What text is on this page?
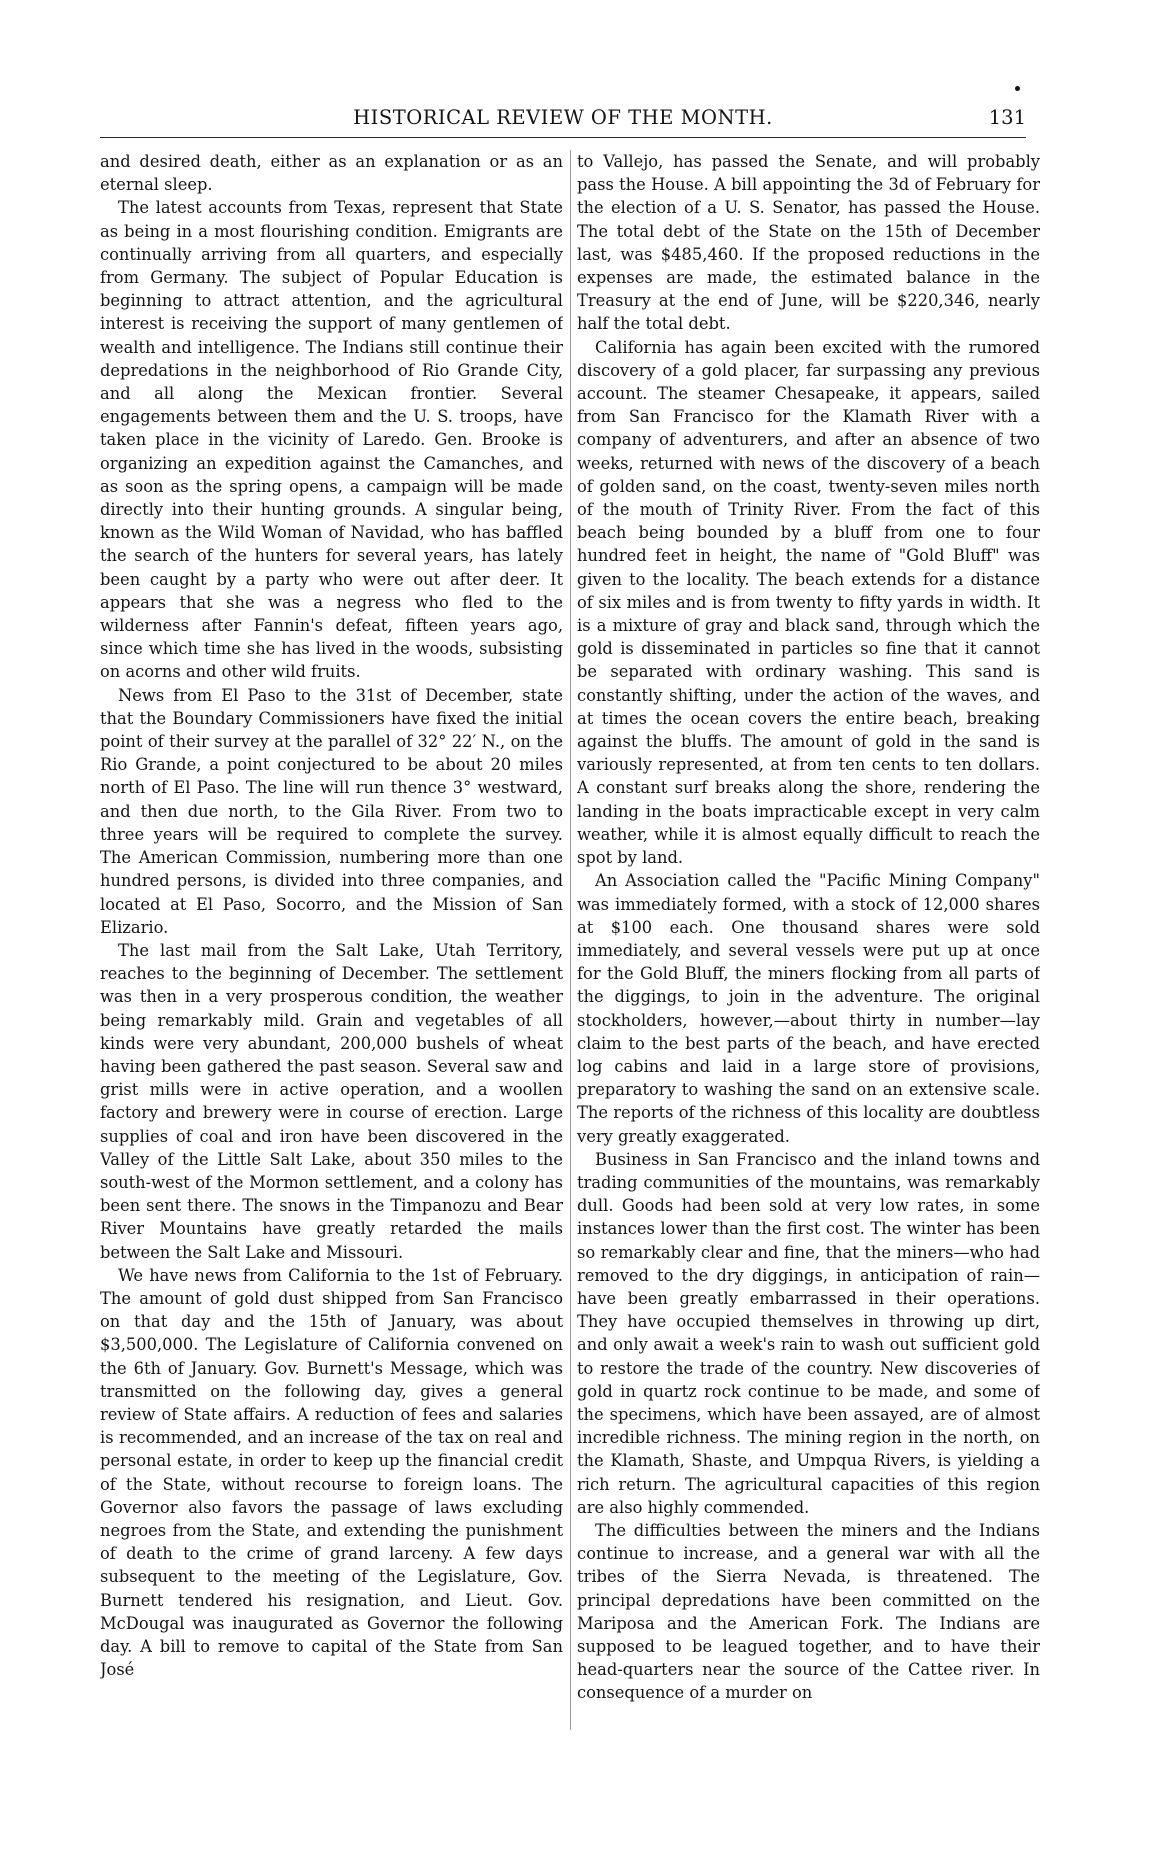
HISTORICAL REVIEW OF THE MONTH.	131

and desired death, either as an explanation or as an eternal sleep.

The latest accounts from Texas, represent that State as being in a most flourishing condition. Emigrants are continually arriving from all quarters, and especially from Germany. The subject of Popular Education is beginning to attract attention, and the agricultural interest is receiving the support of many gentlemen of wealth and intelligence. The Indians still continue their depredations in the neighborhood of Rio Grande City, and all along the Mexican frontier. Several engagements between them and the U. S. troops, have taken place in the vicinity of Laredo. Gen. Brooke is organizing an expedition against the Camanches, and as soon as the spring opens, a campaign will be made directly into their hunting grounds. A singular being, known as the Wild Woman of Navidad, who has baffled the search of the hunters for several years, has lately been caught by a party who were out after deer. It appears that she was a negress who fled to the wilderness after Fannin's defeat, fifteen years ago, since which time she has lived in the woods, subsisting on acorns and other wild fruits.

News from El Paso to the 31st of December, state that the Boundary Commissioners have fixed the initial point of their survey at the parallel of 32° 22′ N., on the Rio Grande, a point conjectured to be about 20 miles north of El Paso. The line will run thence 3° westward, and then due north, to the Gila River. From two to three years will be required to complete the survey. The American Commission, numbering more than one hundred persons, is divided into three companies, and located at El Paso, Socorro, and the Mission of San Elizario.

The last mail from the Salt Lake, Utah Territory, reaches to the beginning of December. The settlement was then in a very prosperous condition, the weather being remarkably mild. Grain and vegetables of all kinds were very abundant, 200,000 bushels of wheat having been gathered the past season. Several saw and grist mills were in active operation, and a woollen factory and brewery were in course of erection. Large supplies of coal and iron have been discovered in the Valley of the Little Salt Lake, about 350 miles to the south-west of the Mormon settlement, and a colony has been sent there. The snows in the Timpanozu and Bear River Mountains have greatly retarded the mails between the Salt Lake and Missouri.

We have news from California to the 1st of February. The amount of gold dust shipped from San Francisco on that day and the 15th of January, was about $3,500,000. The Legislature of California convened on the 6th of January. Gov. Burnett's Message, which was transmitted on the following day, gives a general review of State affairs. A reduction of fees and salaries is recommended, and an increase of the tax on real and personal estate, in order to keep up the financial credit of the State, without recourse to foreign loans. The Governor also favors the passage of laws excluding negroes from the State, and extending the punishment of death to the crime of grand larceny. A few days subsequent to the meeting of the Legislature, Gov. Burnett tendered his resignation, and Lieut. Gov. McDougal was inaugurated as Governor the following day. A bill to remove to capital of the State from San José

to Vallejo, has passed the Senate, and will probably pass the House. A bill appointing the 3d of February for the election of a U. S. Senator, has passed the House. The total debt of the State on the 15th of December last, was $485,460. If the proposed reductions in the expenses are made, the estimated balance in the Treasury at the end of June, will be $220,346, nearly half the total debt.

California has again been excited with the rumored discovery of a gold placer, far surpassing any previous account. The steamer Chesapeake, it appears, sailed from San Francisco for the Klamath River with a company of adventurers, and after an absence of two weeks, returned with news of the discovery of a beach of golden sand, on the coast, twenty-seven miles north of the mouth of Trinity River. From the fact of this beach being bounded by a bluff from one to four hundred feet in height, the name of "Gold Bluff" was given to the locality. The beach extends for a distance of six miles and is from twenty to fifty yards in width. It is a mixture of gray and black sand, through which the gold is disseminated in particles so fine that it cannot be separated with ordinary washing. This sand is constantly shifting, under the action of the waves, and at times the ocean covers the entire beach, breaking against the bluffs. The amount of gold in the sand is variously represented, at from ten cents to ten dollars. A constant surf breaks along the shore, rendering the landing in the boats impracticable except in very calm weather, while it is almost equally difficult to reach the spot by land.

An Association called the "Pacific Mining Company" was immediately formed, with a stock of 12,000 shares at $100 each. One thousand shares were sold immediately, and several vessels were put up at once for the Gold Bluff, the miners flocking from all parts of the diggings, to join in the adventure. The original stockholders, however,—about thirty in number—lay claim to the best parts of the beach, and have erected log cabins and laid in a large store of provisions, preparatory to washing the sand on an extensive scale. The reports of the richness of this locality are doubtless very greatly exaggerated.

Business in San Francisco and the inland towns and trading communities of the mountains, was remarkably dull. Goods had been sold at very low rates, in some instances lower than the first cost. The winter has been so remarkably clear and fine, that the miners—who had removed to the dry diggings, in anticipation of rain—have been greatly embarrassed in their operations. They have occupied themselves in throwing up dirt, and only await a week's rain to wash out sufficient gold to restore the trade of the country. New discoveries of gold in quartz rock continue to be made, and some of the specimens, which have been assayed, are of almost incredible richness. The mining region in the north, on the Klamath, Shaste, and Umpqua Rivers, is yielding a rich return. The agricultural capacities of this region are also highly commended.

The difficulties between the miners and the Indians continue to increase, and a general war with all the tribes of the Sierra Nevada, is threatened. The principal depredations have been committed on the Mariposa and the American Fork. The Indians are supposed to be leagued together, and to have their head-quarters near the source of the Cattee river. In consequence of a murder on
